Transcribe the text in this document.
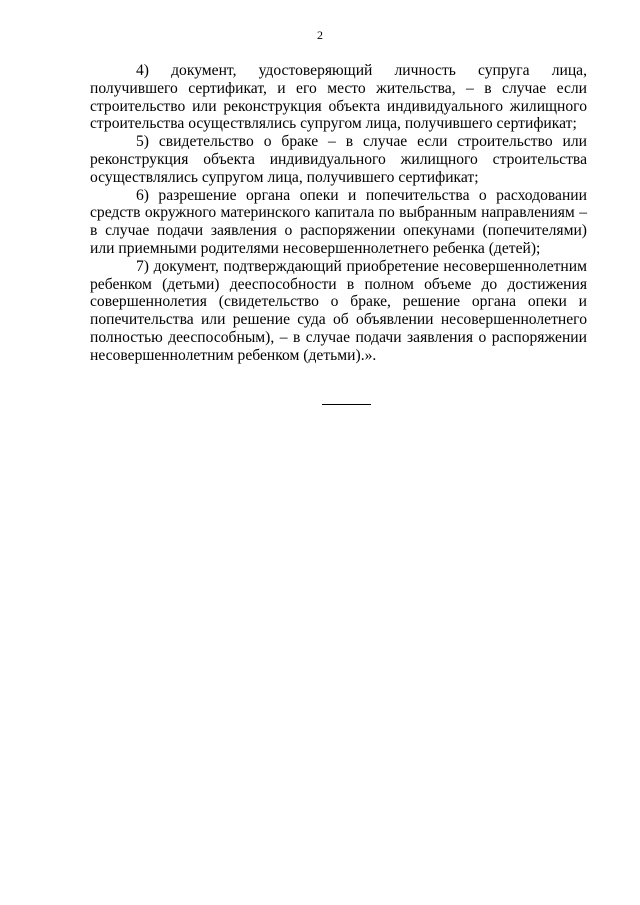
2

4) документ, удостоверяющий личность супруга лица, получившего сертификат, и его место жительства, – в случае если строительство или реконструкция объекта индивидуального жилищного строительства осуществлялись супругом лица, получившего сертификат;

5) свидетельство о браке – в случае если строительство или реконструкция объекта индивидуального жилищного строительства осуществлялись супругом лица, получившего сертификат;

6) разрешение органа опеки и попечительства о расходовании средств окружного материнского капитала по выбранным направлениям – в случае подачи заявления о распоряжении опекунами (попечителями) или приемными родителями несовершеннолетнего ребенка (детей);

7) документ, подтверждающий приобретение несовершеннолетним ребенком (детьми) дееспособности в полном объеме до достижения совершеннолетия (свидетельство о браке, решение органа опеки и попечительства или решение суда об объявлении несовершеннолетнего полностью дееспособным), – в случае подачи заявления о распоряжении несовершеннолетним ребенком (детьми).».
